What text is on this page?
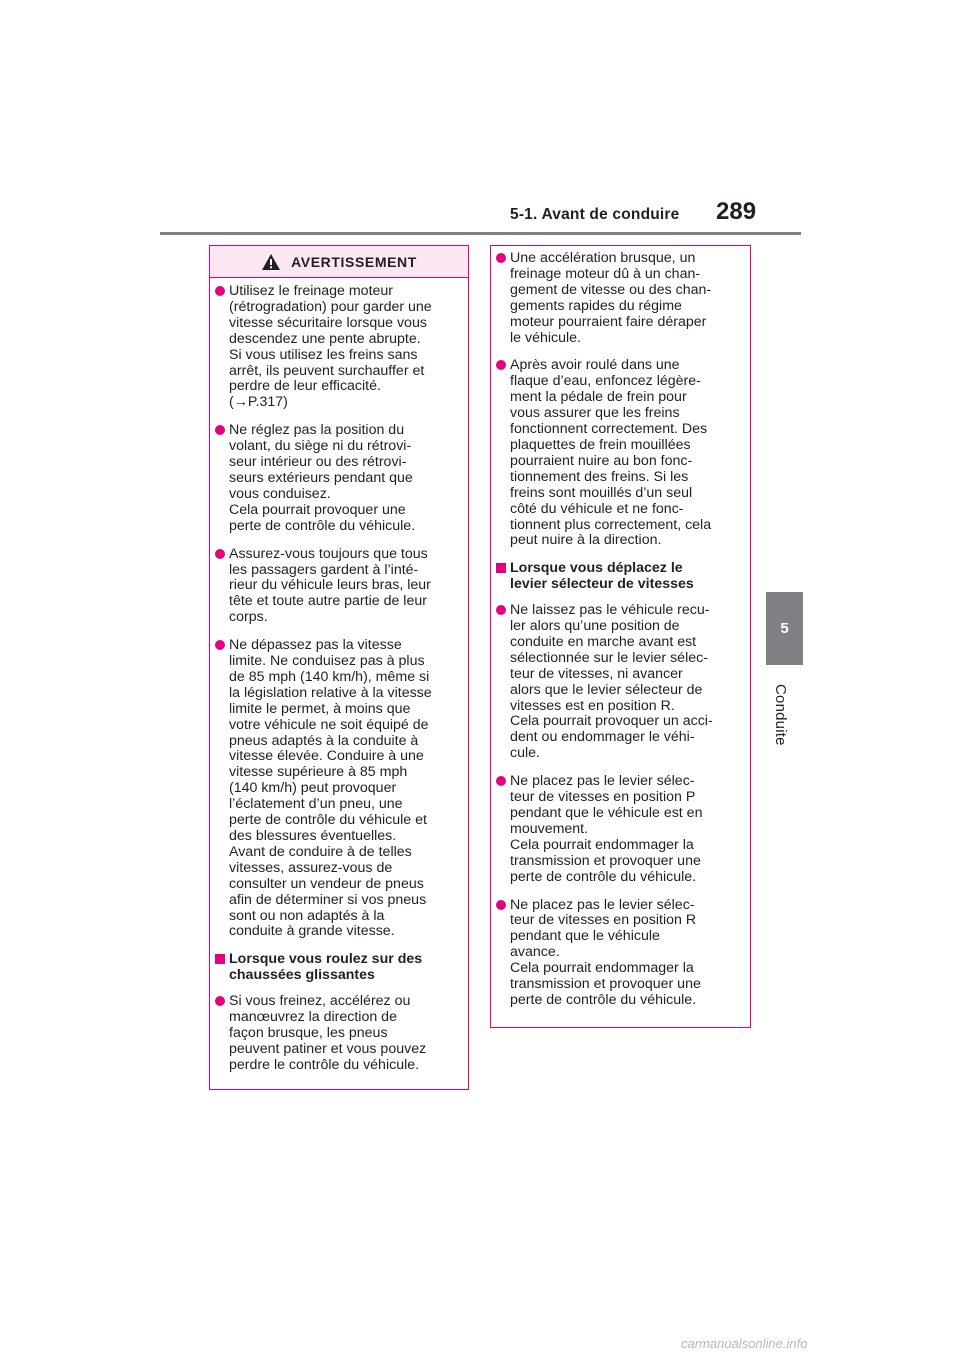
5-1. Avant de conduire 289
5
Conduite
AVERTISSEMENT
Utilisez le freinage moteur
(rétrogradation) pour garder une
vitesse sécuritaire lorsque vous
descendez une pente abrupte.
Si vous utilisez les freins sans
arrêt, ils peuvent surchauffer et
perdre de leur efficacité.
(→P.317)
Ne réglez pas la position du
volant, du siège ni du rétrovi-
seur intérieur ou des rétrovi-
seurs extérieurs pendant que
vous conduisez.
Cela pourrait provoquer une
perte de contrôle du véhicule.
Assurez-vous toujours que tous
les passagers gardent à l’inté-
rieur du véhicule leurs bras, leur
tête et toute autre partie de leur
corps.
Ne dépassez pas la vitesse
limite. Ne conduisez pas à plus
de 85 mph (140 km/h), même si
la législation relative à la vitesse
limite le permet, à moins que
votre véhicule ne soit équipé de
pneus adaptés à la conduite à
vitesse élevée. Conduire à une
vitesse supérieure à 85 mph
(140 km/h) peut provoquer
l’éclatement d’un pneu, une
perte de contrôle du véhicule et
des blessures éventuelles.
Avant de conduire à de telles
vitesses, assurez-vous de
consulter un vendeur de pneus
afin de déterminer si vos pneus
sont ou non adaptés à la
conduite à grande vitesse.
Lorsque vous roulez sur des
chaussées glissantes
Si vous freinez, accélérez ou
manœuvrez la direction de
façon brusque, les pneus
peuvent patiner et vous pouvez
perdre le contrôle du véhicule.
Une accélération brusque, un
freinage moteur dû à un chan-
gement de vitesse ou des chan-
gements rapides du régime
moteur pourraient faire déraper
le véhicule.
Après avoir roulé dans une
flaque d’eau, enfoncez légère-
ment la pédale de frein pour
vous assurer que les freins
fonctionnent correctement. Des
plaquettes de frein mouillées
pourraient nuire au bon fonc-
tionnement des freins. Si les
freins sont mouillés d’un seul
côté du véhicule et ne fonc-
tionnent plus correctement, cela
peut nuire à la direction.
Lorsque vous déplacez le
levier sélecteur de vitesses
Ne laissez pas le véhicule recu-
ler alors qu’une position de
conduite en marche avant est
sélectionnée sur le levier sélec-
teur de vitesses, ni avancer
alors que le levier sélecteur de
vitesses est en position R.
Cela pourrait provoquer un acci-
dent ou endommager le véhi-
cule.
Ne placez pas le levier sélec-
teur de vitesses en position P
pendant que le véhicule est en
mouvement.
Cela pourrait endommager la
transmission et provoquer une
perte de contrôle du véhicule.
Ne placez pas le levier sélec-
teur de vitesses en position R
pendant que le véhicule
avance.
Cela pourrait endommager la
transmission et provoquer une
perte de contrôle du véhicule.
carmanualsonline.info
